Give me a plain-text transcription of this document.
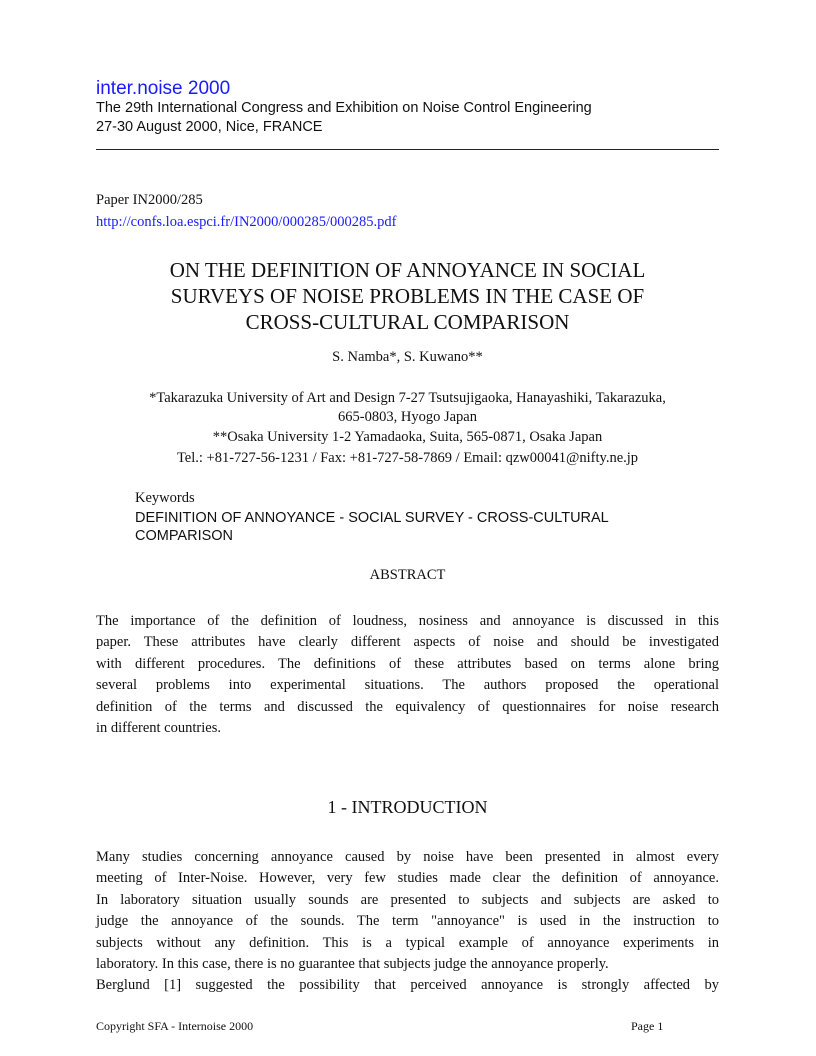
inter.noise 2000
The 29th International Congress and Exhibition on Noise Control Engineering
27-30 August 2000, Nice, FRANCE
Paper IN2000/285
http://confs.loa.espci.fr/IN2000/000285/000285.pdf
ON THE DEFINITION OF ANNOYANCE IN SOCIAL
SURVEYS OF NOISE PROBLEMS IN THE CASE OF
CROSS-CULTURAL COMPARISON
S. Namba*, S. Kuwano**
*Takarazuka University of Art and Design 7-27 Tsutsujigaoka, Hanayashiki, Takarazuka,
665-0803, Hyogo Japan
**Osaka University 1-2 Yamadaoka, Suita, 565-0871, Osaka Japan
Tel.: +81-727-56-1231 / Fax: +81-727-58-7869 / Email: qzw00041@nifty.ne.jp
Keywords
DEFINITION OF ANNOYANCE - SOCIAL SURVEY - CROSS-CULTURAL
COMPARISON
ABSTRACT
The importance of the definition of loudness, nosiness and annoyance is discussed in this
paper. These attributes have clearly different aspects of noise and should be investigated
with different procedures. The definitions of these attributes based on terms alone bring
several problems into experimental situations. The authors proposed the operational
definition of the terms and discussed the equivalency of questionnaires for noise research
in different countries.
1 - INTRODUCTION
Many studies concerning annoyance caused by noise have been presented in almost every
meeting of Inter-Noise. However, very few studies made clear the definition of annoyance.
In laboratory situation usually sounds are presented to subjects and subjects are asked to
judge the annoyance of the sounds. The term "annoyance" is used in the instruction to
subjects without any definition. This is a typical example of annoyance experiments in
laboratory. In this case, there is no guarantee that subjects judge the annoyance properly.
Berglund [1] suggested the possibility that perceived annoyance is strongly affected by
Copyright SFA - Internoise 2000	Page 1
